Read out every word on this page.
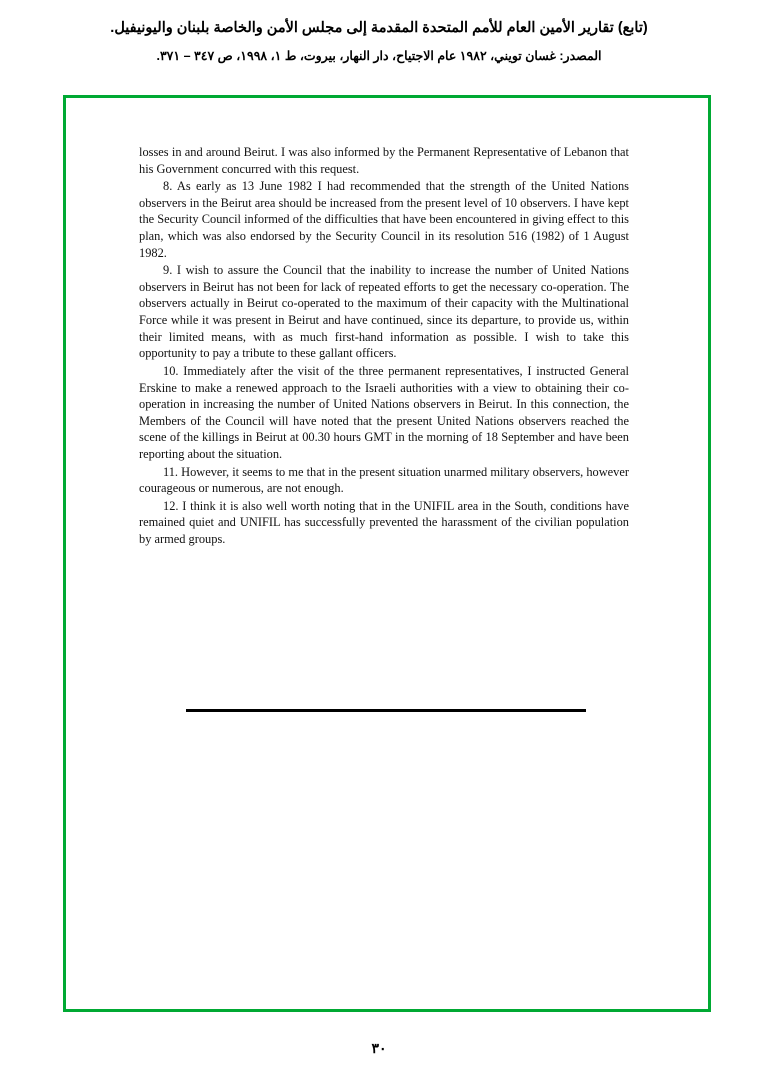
(تابع) تقارير الأمين العام للأمم المتحدة المقدمة إلى مجلس الأمن والخاصة بلبنان واليونيفيل.
المصدر: غسان تويني، ١٩٨٢ عام الاجتياح، دار النهار، بيروت، ط ١، ١٩٩٨، ص ٣٤٧ – ٣٧١.

losses in and around Beirut. I was also informed by the Permanent Representative of Lebanon that his Government concurred with this request.

8. As early as 13 June 1982 I had recommended that the strength of the United Nations observers in the Beirut area should be increased from the present level of 10 observers. I have kept the Security Council informed of the difficulties that have been encountered in giving effect to this plan, which was also endorsed by the Security Council in its resolution 516 (1982) of 1 August 1982.

9. I wish to assure the Council that the inability to increase the number of United Nations observers in Beirut has not been for lack of repeated efforts to get the necessary co-operation. The observers actually in Beirut co-operated to the maximum of their capacity with the Multinational Force while it was present in Beirut and have continued, since its departure, to provide us, within their limited means, with as much first-hand information as possible. I wish to take this opportunity to pay a tribute to these gallant officers.

10. Immediately after the visit of the three permanent representatives, I instructed General Erskine to make a renewed approach to the Israeli authorities with a view to obtaining their co-operation in increasing the number of United Nations observers in Beirut. In this connection, the Members of the Council will have noted that the present United Nations observers reached the scene of the killings in Beirut at 00.30 hours GMT in the morning of 18 September and have been reporting about the situation.

11. However, it seems to me that in the present situation unarmed military observers, however courageous or numerous, are not enough.

12. I think it is also well worth noting that in the UNIFIL area in the South, conditions have remained quiet and UNIFIL has successfully prevented the harassment of the civilian population by armed groups.

٣٠
